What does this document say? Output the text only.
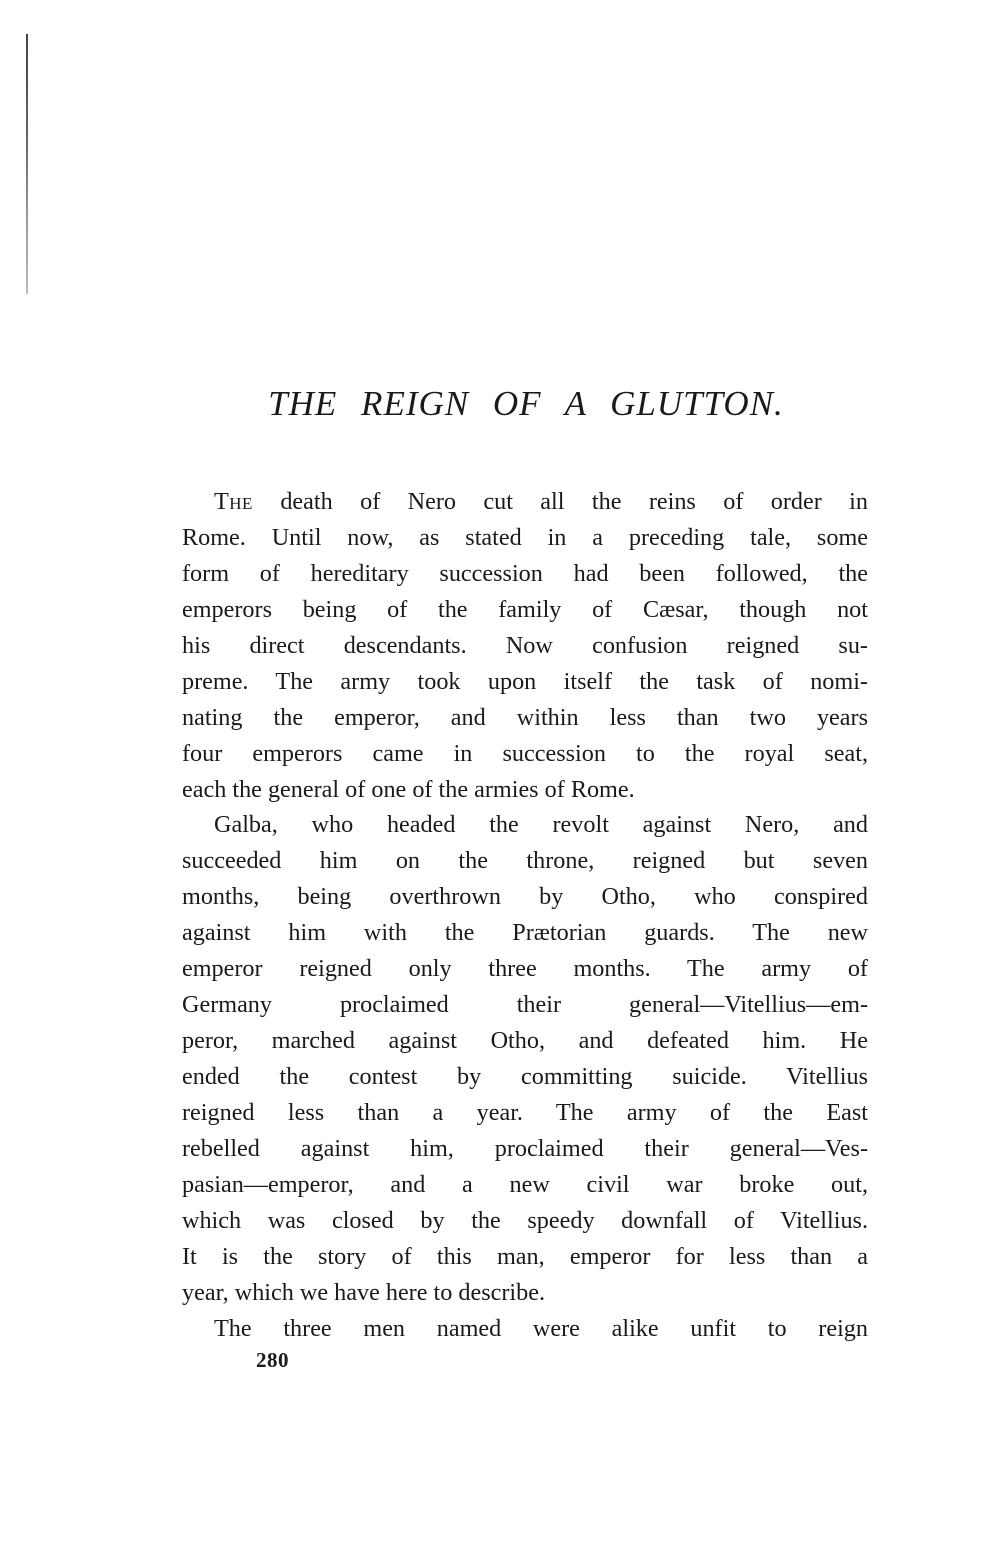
THE REIGN OF A GLUTTON.
The death of Nero cut all the reins of order in
Rome. Until now, as stated in a preceding tale, some
form of hereditary succession had been followed, the
emperors being of the family of Cæsar, though not
his direct descendants. Now confusion reigned su-
preme. The army took upon itself the task of nomi-
nating the emperor, and within less than two years
four emperors came in succession to the royal seat,
each the general of one of the armies of Rome.
Galba, who headed the revolt against Nero, and
succeeded him on the throne, reigned but seven
months, being overthrown by Otho, who conspired
against him with the Prætorian guards. The new
emperor reigned only three months. The army of
Germany proclaimed their general—Vitellius—em-
peror, marched against Otho, and defeated him. He
ended the contest by committing suicide. Vitellius
reigned less than a year. The army of the East
rebelled against him, proclaimed their general—Ves-
pasian—emperor, and a new civil war broke out,
which was closed by the speedy downfall of Vitellius.
It is the story of this man, emperor for less than a
year, which we have here to describe.
The three men named were alike unfit to reign
280
